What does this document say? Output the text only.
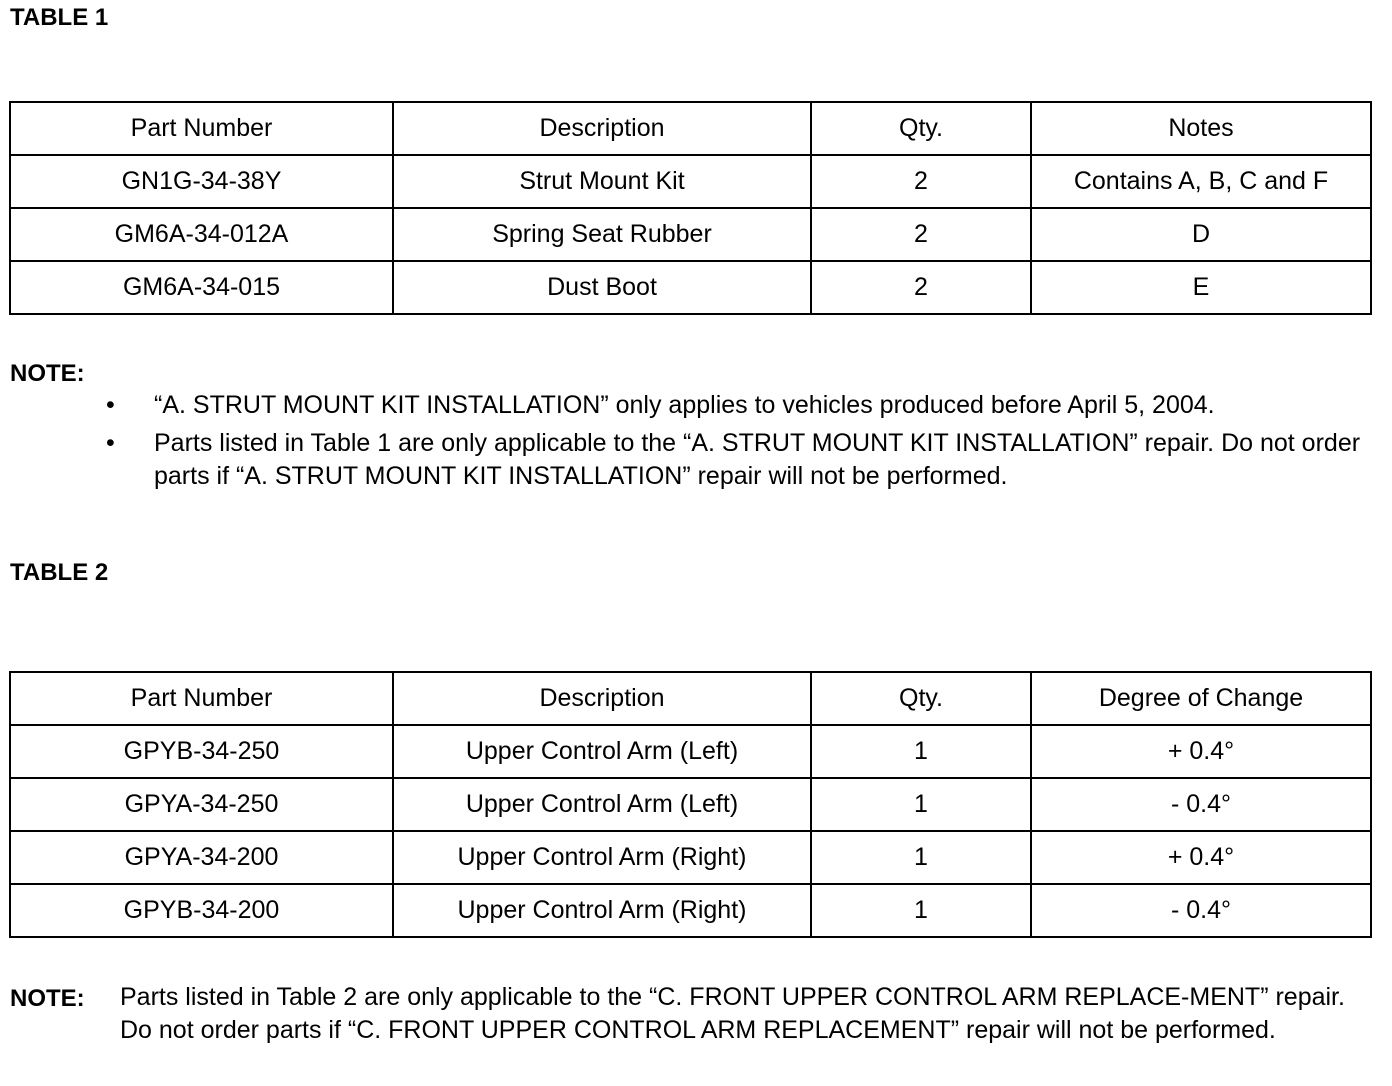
TABLE 1
Part Number	Description	Qty.	Notes
GN1G-34-38Y	Strut Mount Kit	2	Contains A, B, C and F
GM6A-34-012A	Spring Seat Rubber	2	D
GM6A-34-015	Dust Boot	2	E
NOTE:
• “A. STRUT MOUNT KIT INSTALLATION” only applies to vehicles produced before April 5, 2004.
• Parts listed in Table 1 are only applicable to the “A. STRUT MOUNT KIT INSTALLATION” repair. Do not order parts if “A. STRUT MOUNT KIT INSTALLATION” repair will not be performed.
TABLE 2
Part Number	Description	Qty.	Degree of Change
GPYB-34-250	Upper Control Arm (Left)	1	+ 0.4°
GPYA-34-250	Upper Control Arm (Left)	1	- 0.4°
GPYA-34-200	Upper Control Arm (Right)	1	+ 0.4°
GPYB-34-200	Upper Control Arm (Right)	1	- 0.4°
NOTE: Parts listed in Table 2 are only applicable to the “C. FRONT UPPER CONTROL ARM REPLACE-MENT” repair. Do not order parts if “C. FRONT UPPER CONTROL ARM REPLACEMENT” repair will not be performed.
